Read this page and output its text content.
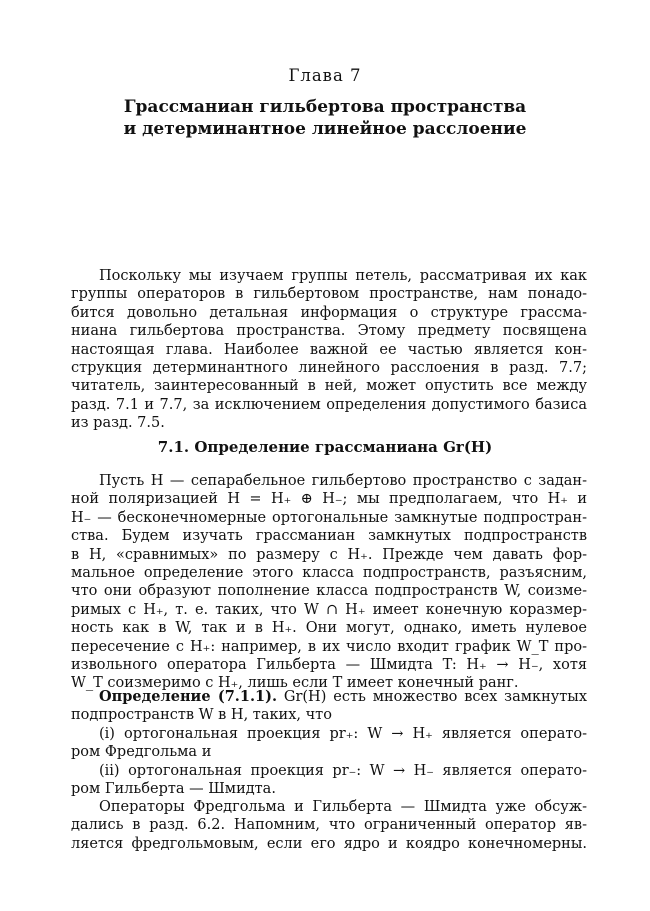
Глава 7
Грассманиан гильбертова пространства
и детерминантное линейное расслоение
Поскольку мы изучаем группы петель, рассматривая их как
группы операторов в гильбертовом пространстве, нам понадо-
бится довольно детальная информация о структуре грассма-
ниана гильбертова пространства. Этому предмету посвящена
настоящая глава. Наиболее важной ее частью является кон-
струкция детерминантного линейного расслоения в разд. 7.7;
читатель, заинтересованный в ней, может опустить все между
разд. 7.1 и 7.7, за исключением определения допустимого базиса
из разд. 7.5.
7.1. Определение грассманиана Gr(H)
Пусть H — сепарабельное гильбертово пространство с задан-
ной поляризацией H = H₊ ⊕ H₋; мы предполагаем, что H₊ и
H₋ — бесконечномерные ортогональные замкнутые подпростран-
ства. Будем изучать грассманиан замкнутых подпространств
в H, «сравнимых» по размеру с H₊. Прежде чем давать фор-
мальное определение этого класса подпространств, разъясним,
что они образуют пополнение класса подпространств W, соизме-
римых с H₊, т. е. таких, что W ∩ H₊ имеет конечную коразмер-
ность как в W, так и в H₊. Они могут, однако, иметь нулевое
пересечение с H₊: например, в их число входит график W_T про-
извольного оператора Гильберта — Шмидта T: H₊ → H₋, хотя
W_T соизмеримо с H₊, лишь если T имеет конечный ранг.
Определение (7.1.1). Gr(H) есть множество всех замкнутых
подпространств W в H, таких, что
(i) ортогональная проекция pr₊: W → H₊ является операто-
ром Фредгольма и
(ii) ортогональная проекция pr₋: W → H₋ является операто-
ром Гильберта — Шмидта.
Операторы Фредгольма и Гильберта — Шмидта уже обсуж-
дались в разд. 6.2. Напомним, что ограниченный оператор яв-
ляется фредгольмовым, если его ядро и коядро конечномерны.
